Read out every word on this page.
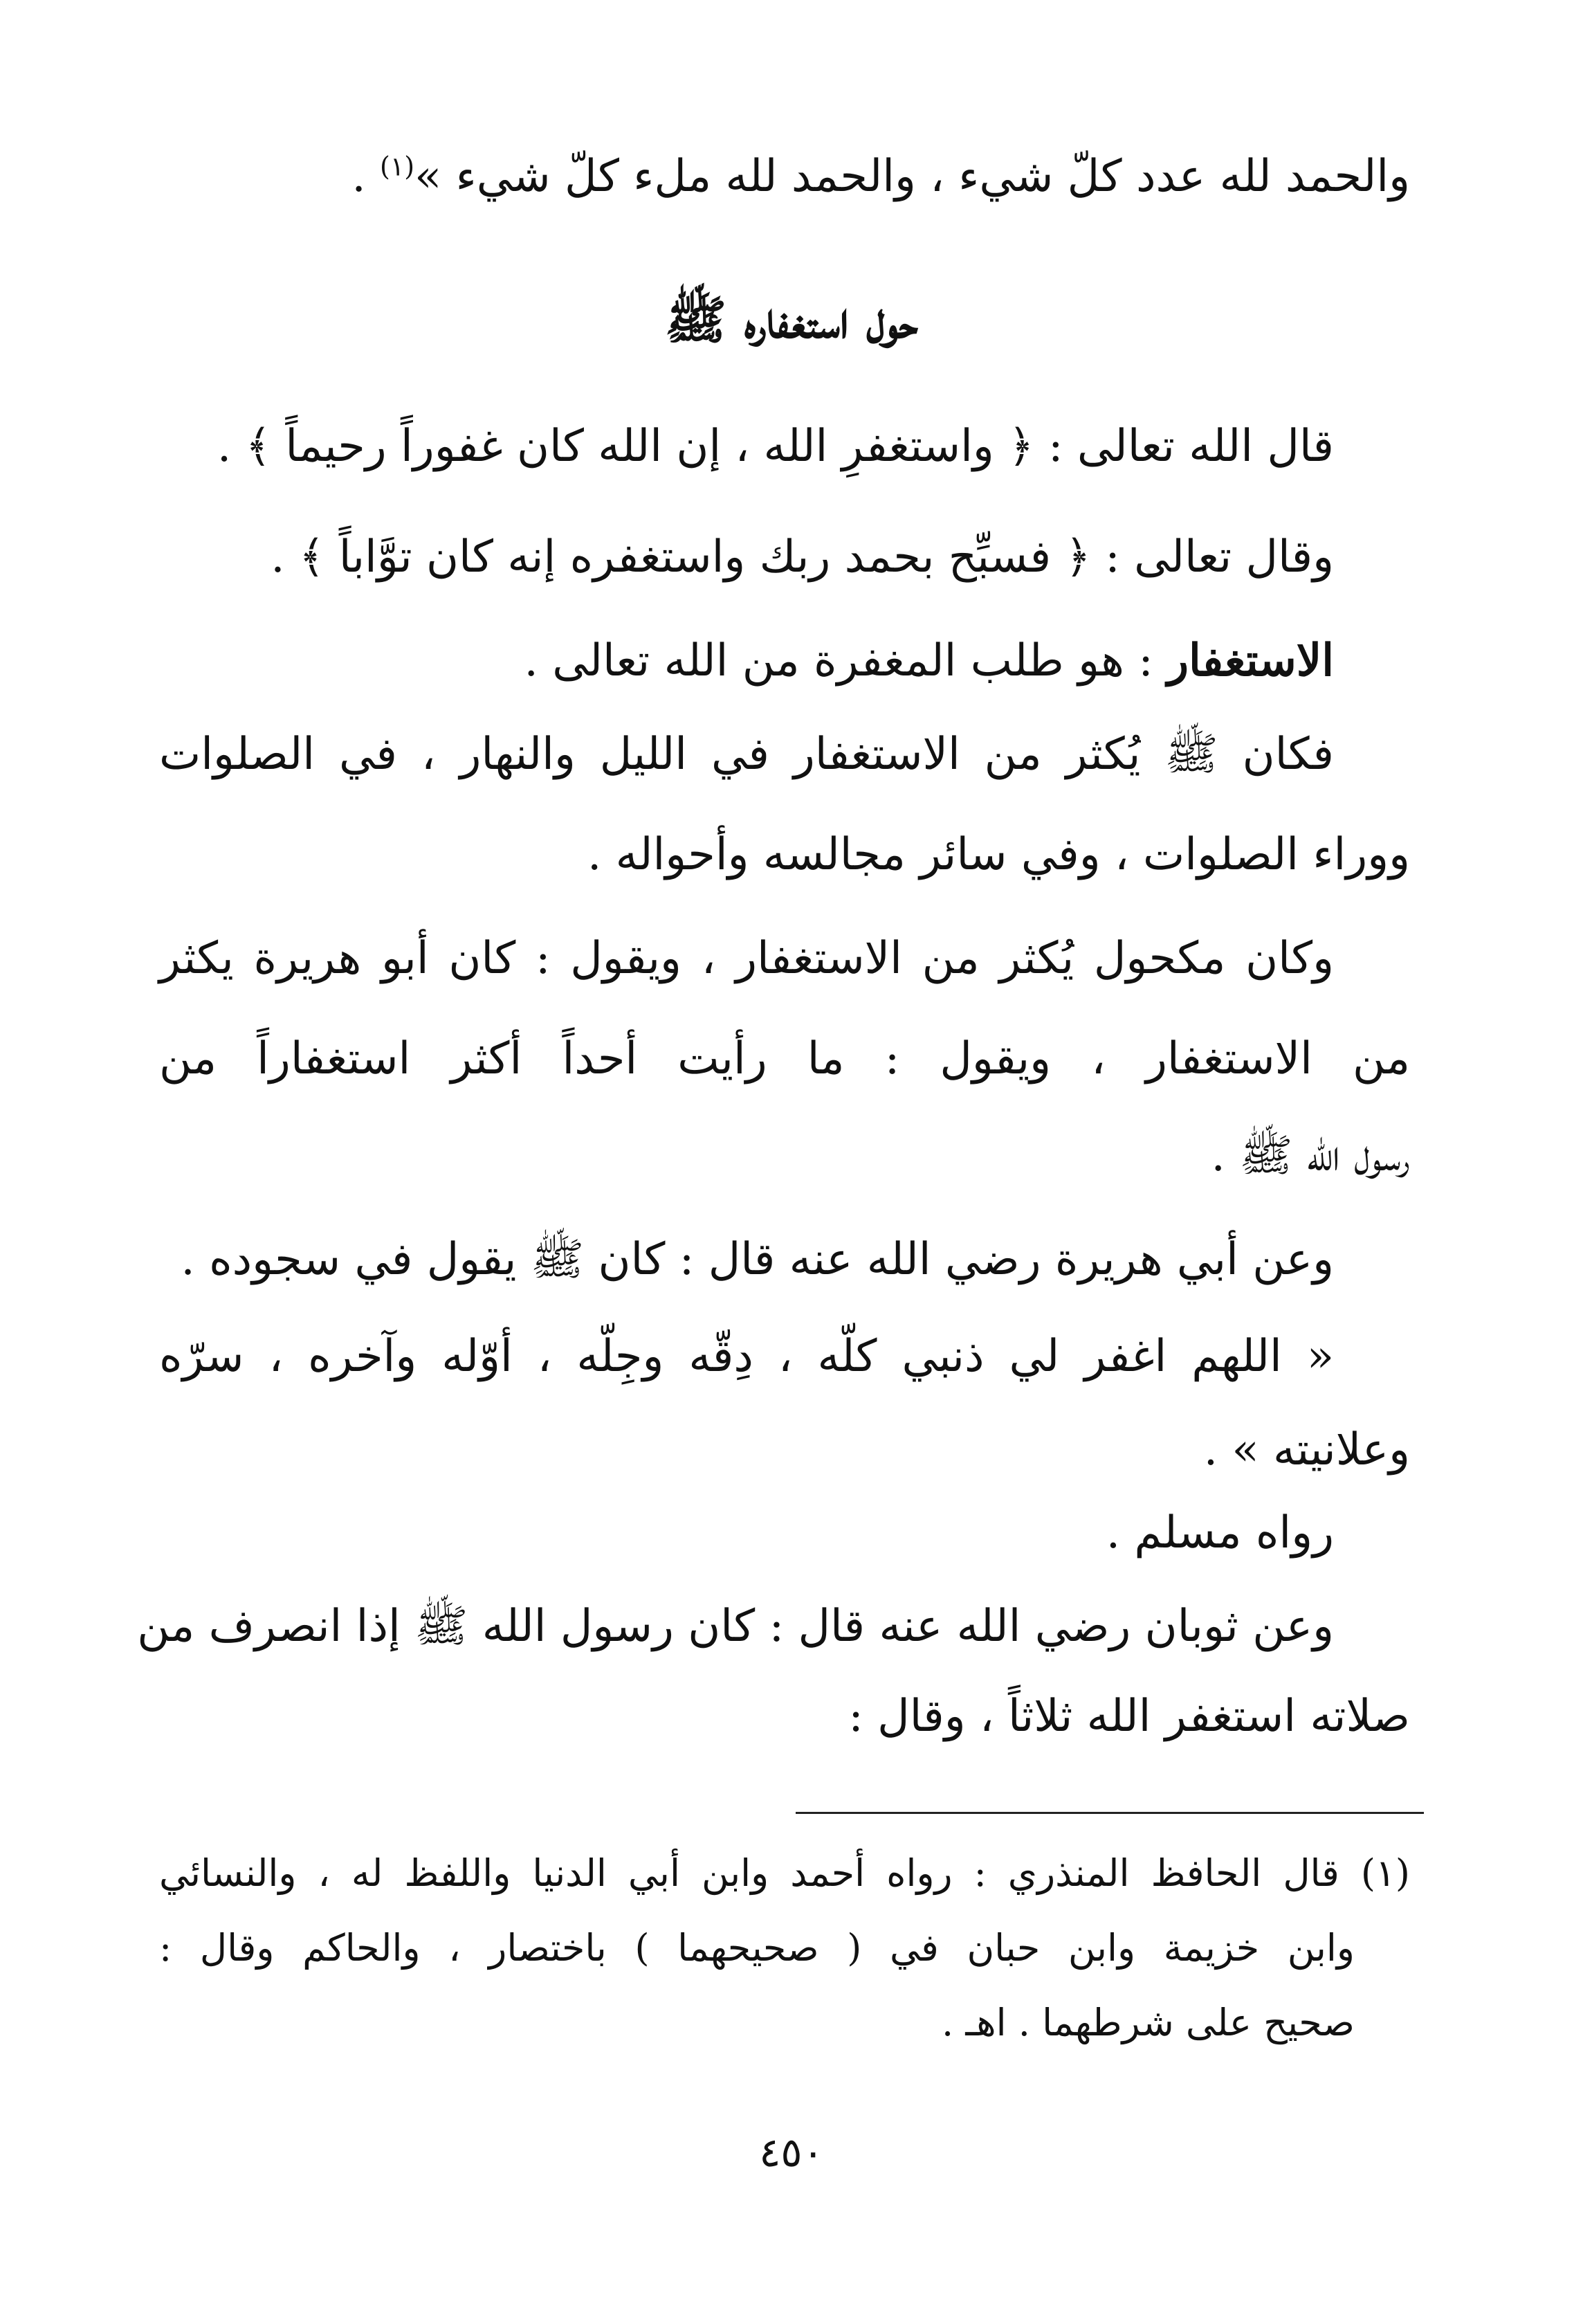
والحمد لله عدد كلّ شيء ، والحمد لله ملء كلّ شيء »$^{(١)}$ .
حول استغفاره ﷺ
قال الله تعالى : ﴿ واستغفرِ الله ، إن الله كان غفوراً رحيماً ﴾ .
وقال تعالى : ﴿ فسبِّح بحمد ربك واستغفره إنه كان توَّاباً ﴾ .
الاستغفار : هو طلب المغفرة من الله تعالى .
فكان ﷺ يُكثر من الاستغفار في الليل والنهار ، في الصلوات
ووراء الصلوات ، وفي سائر مجالسه وأحواله .
وكان مكحول يُكثر من الاستغفار ، ويقول : كان أبو هريرة يكثر
من الاستغفار ، ويقول : ما رأيت أحداً أكثر استغفاراً من
رسول الله ﷺ .
وعن أبي هريرة رضي الله عنه قال : كان ﷺ يقول في سجوده .
« اللهم اغفر لي ذنبي كلّه ، دِقّه وجِلّه ، أوّله وآخره ، سرّه
وعلانيته » .
رواه مسلم .
وعن ثوبان رضي الله عنه قال : كان رسول الله ﷺ إذا انصرف من
صلاته استغفر الله ثلاثاً ، وقال :
(١) قال الحافظ المنذري : رواه أحمد وابن أبي الدنيا واللفظ له ، والنسائي
وابن خزيمة وابن حبان في ( صحيحهما ) باختصار ، والحاكم وقال :
صحيح على شرطهما . اهـ .
٤٥٠
